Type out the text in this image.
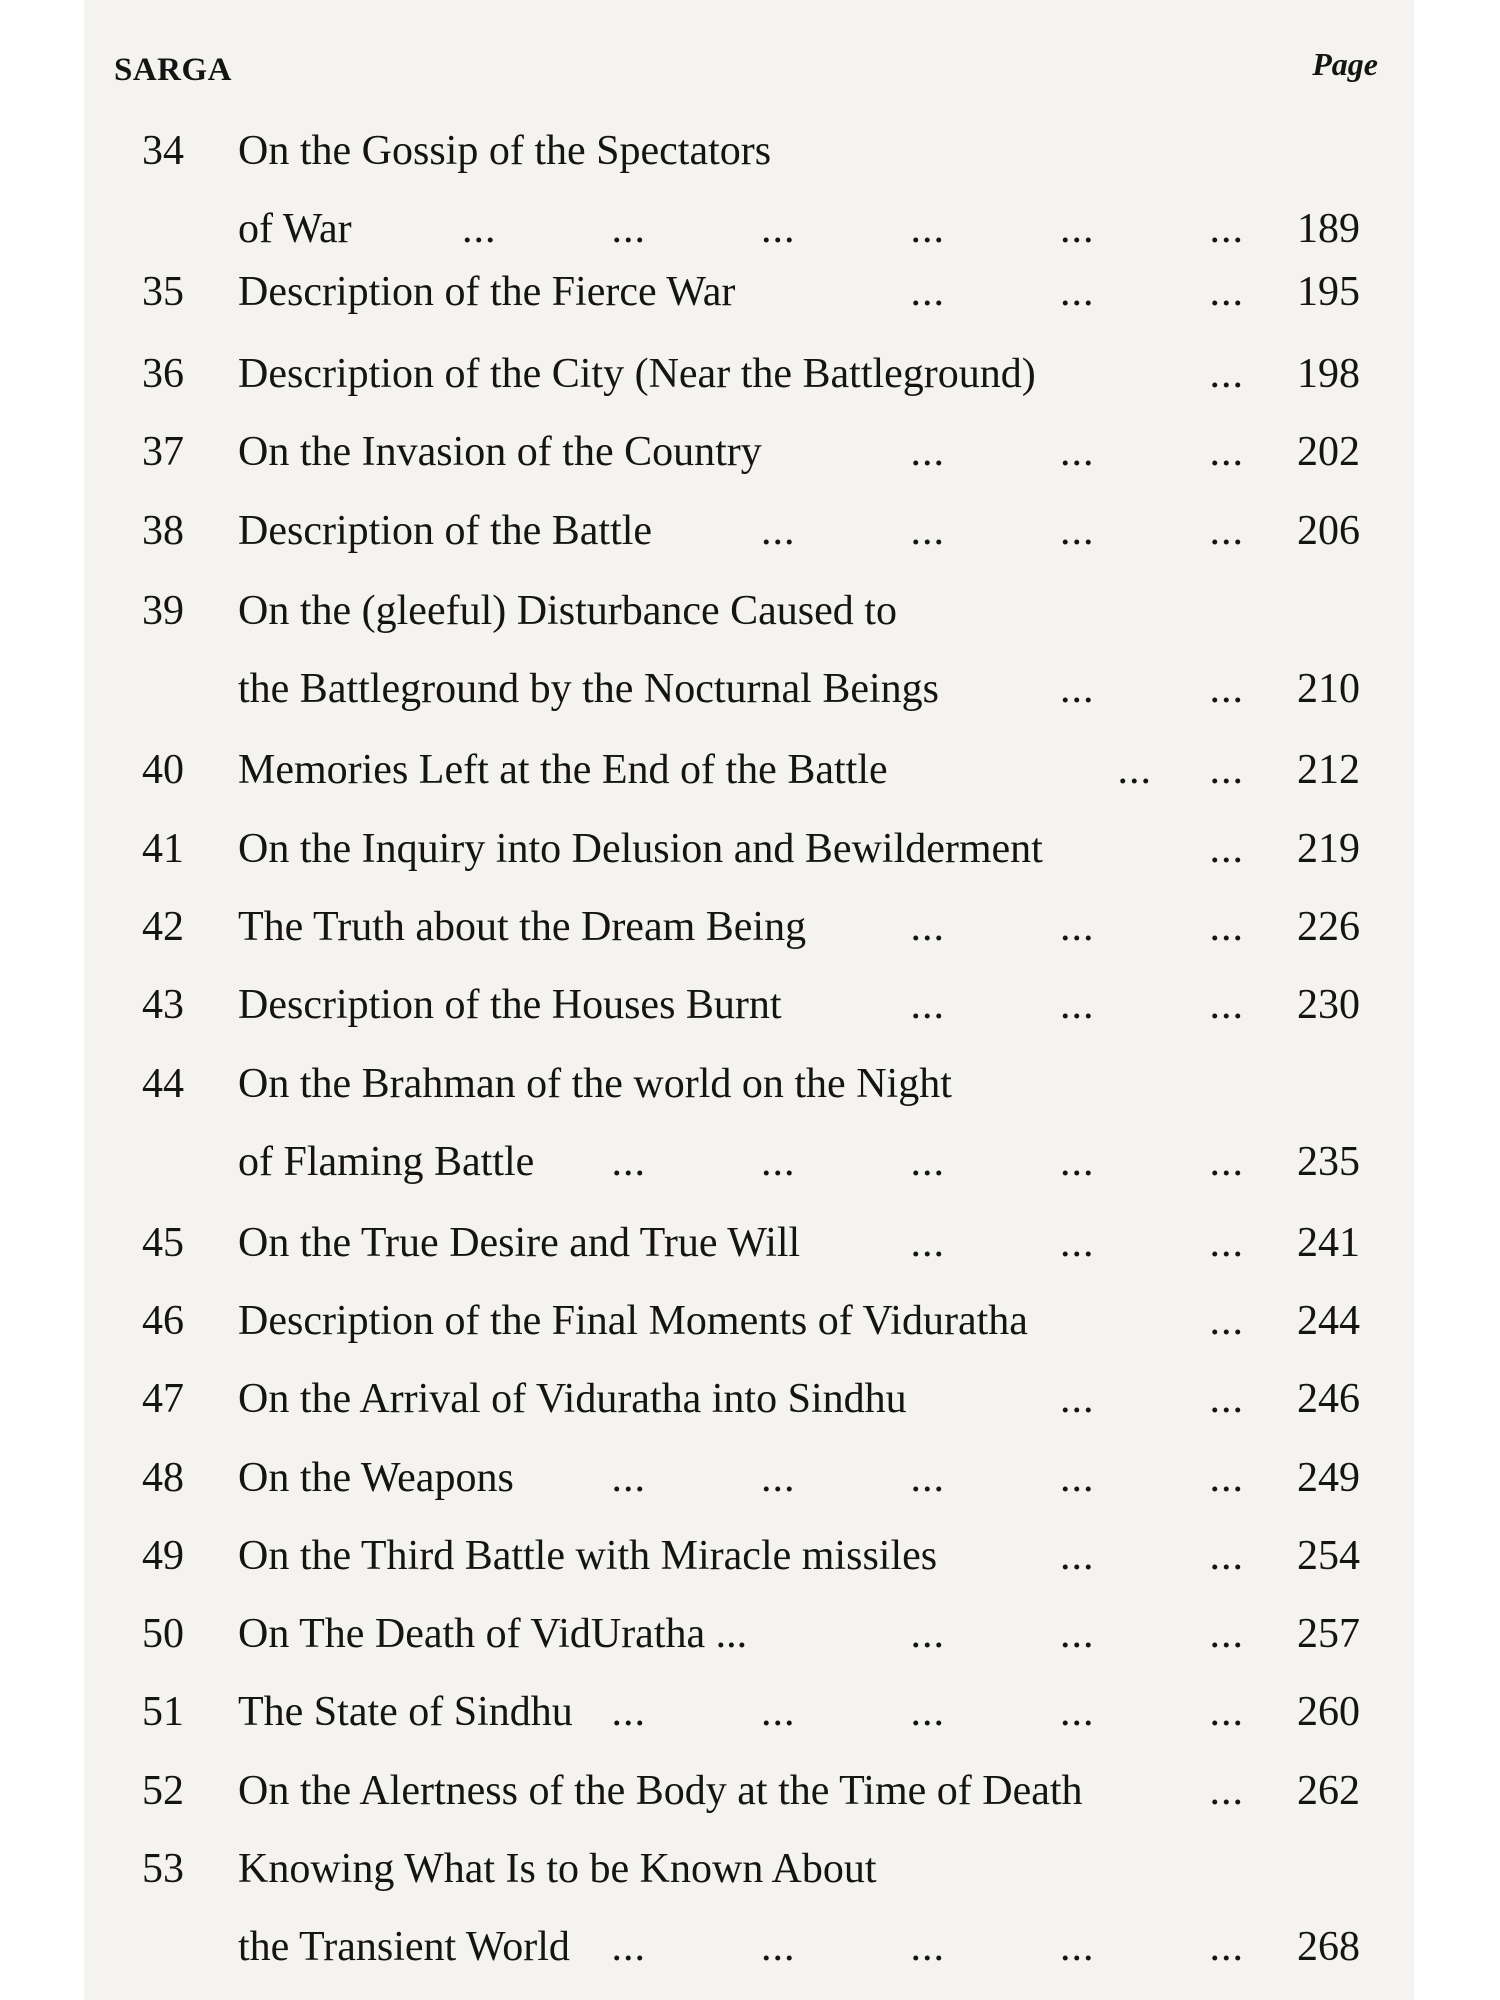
SARGA	Page
34 On the Gossip of the Spectators
of War	...          ...          ...          ...          ...          ... 189
35 Description of the Fierce War	...          ...          ... 195
36 Description of the City (Near the Battleground)	... 198
37 On the Invasion of the Country	...          ...          ... 202
38 Description of the Battle	...          ...          ...          ... 206
39 On the (gleeful) Disturbance Caused to
the Battleground by the Nocturnal Beings	...          ... 210
40 Memories Left at the End of the Battle	...     ... 212
41 On the Inquiry into Delusion and Bewilderment	... 219
42 The Truth about the Dream Being ...          ...          ... 226
43 Description of the Houses Burnt	...          ...          ... 230
44 On the Brahman of the world on the Night
of Flaming Battle ...          ...          ...          ...          ... 235
45 On the True Desire and True Will	...          ...          ... 241
46 Description of the Final Moments of Viduratha	... 244
47 On the Arrival of Viduratha into Sindhu	...          ... 246
48 On the Weapons ...          ...          ...          ...          ... 249
49 On the Third Battle with Miracle missiles	...          ... 254
50 On The Death of VidUratha ...	...          ...          ... 257
51 The State of Sindhu ...          ...          ...          ...          ... 260
52 On the Alertness of the Body at the Time of Death	... 262
53 Knowing What Is to be Known About
the Transient World ...          ...          ...          ...          ... 268
